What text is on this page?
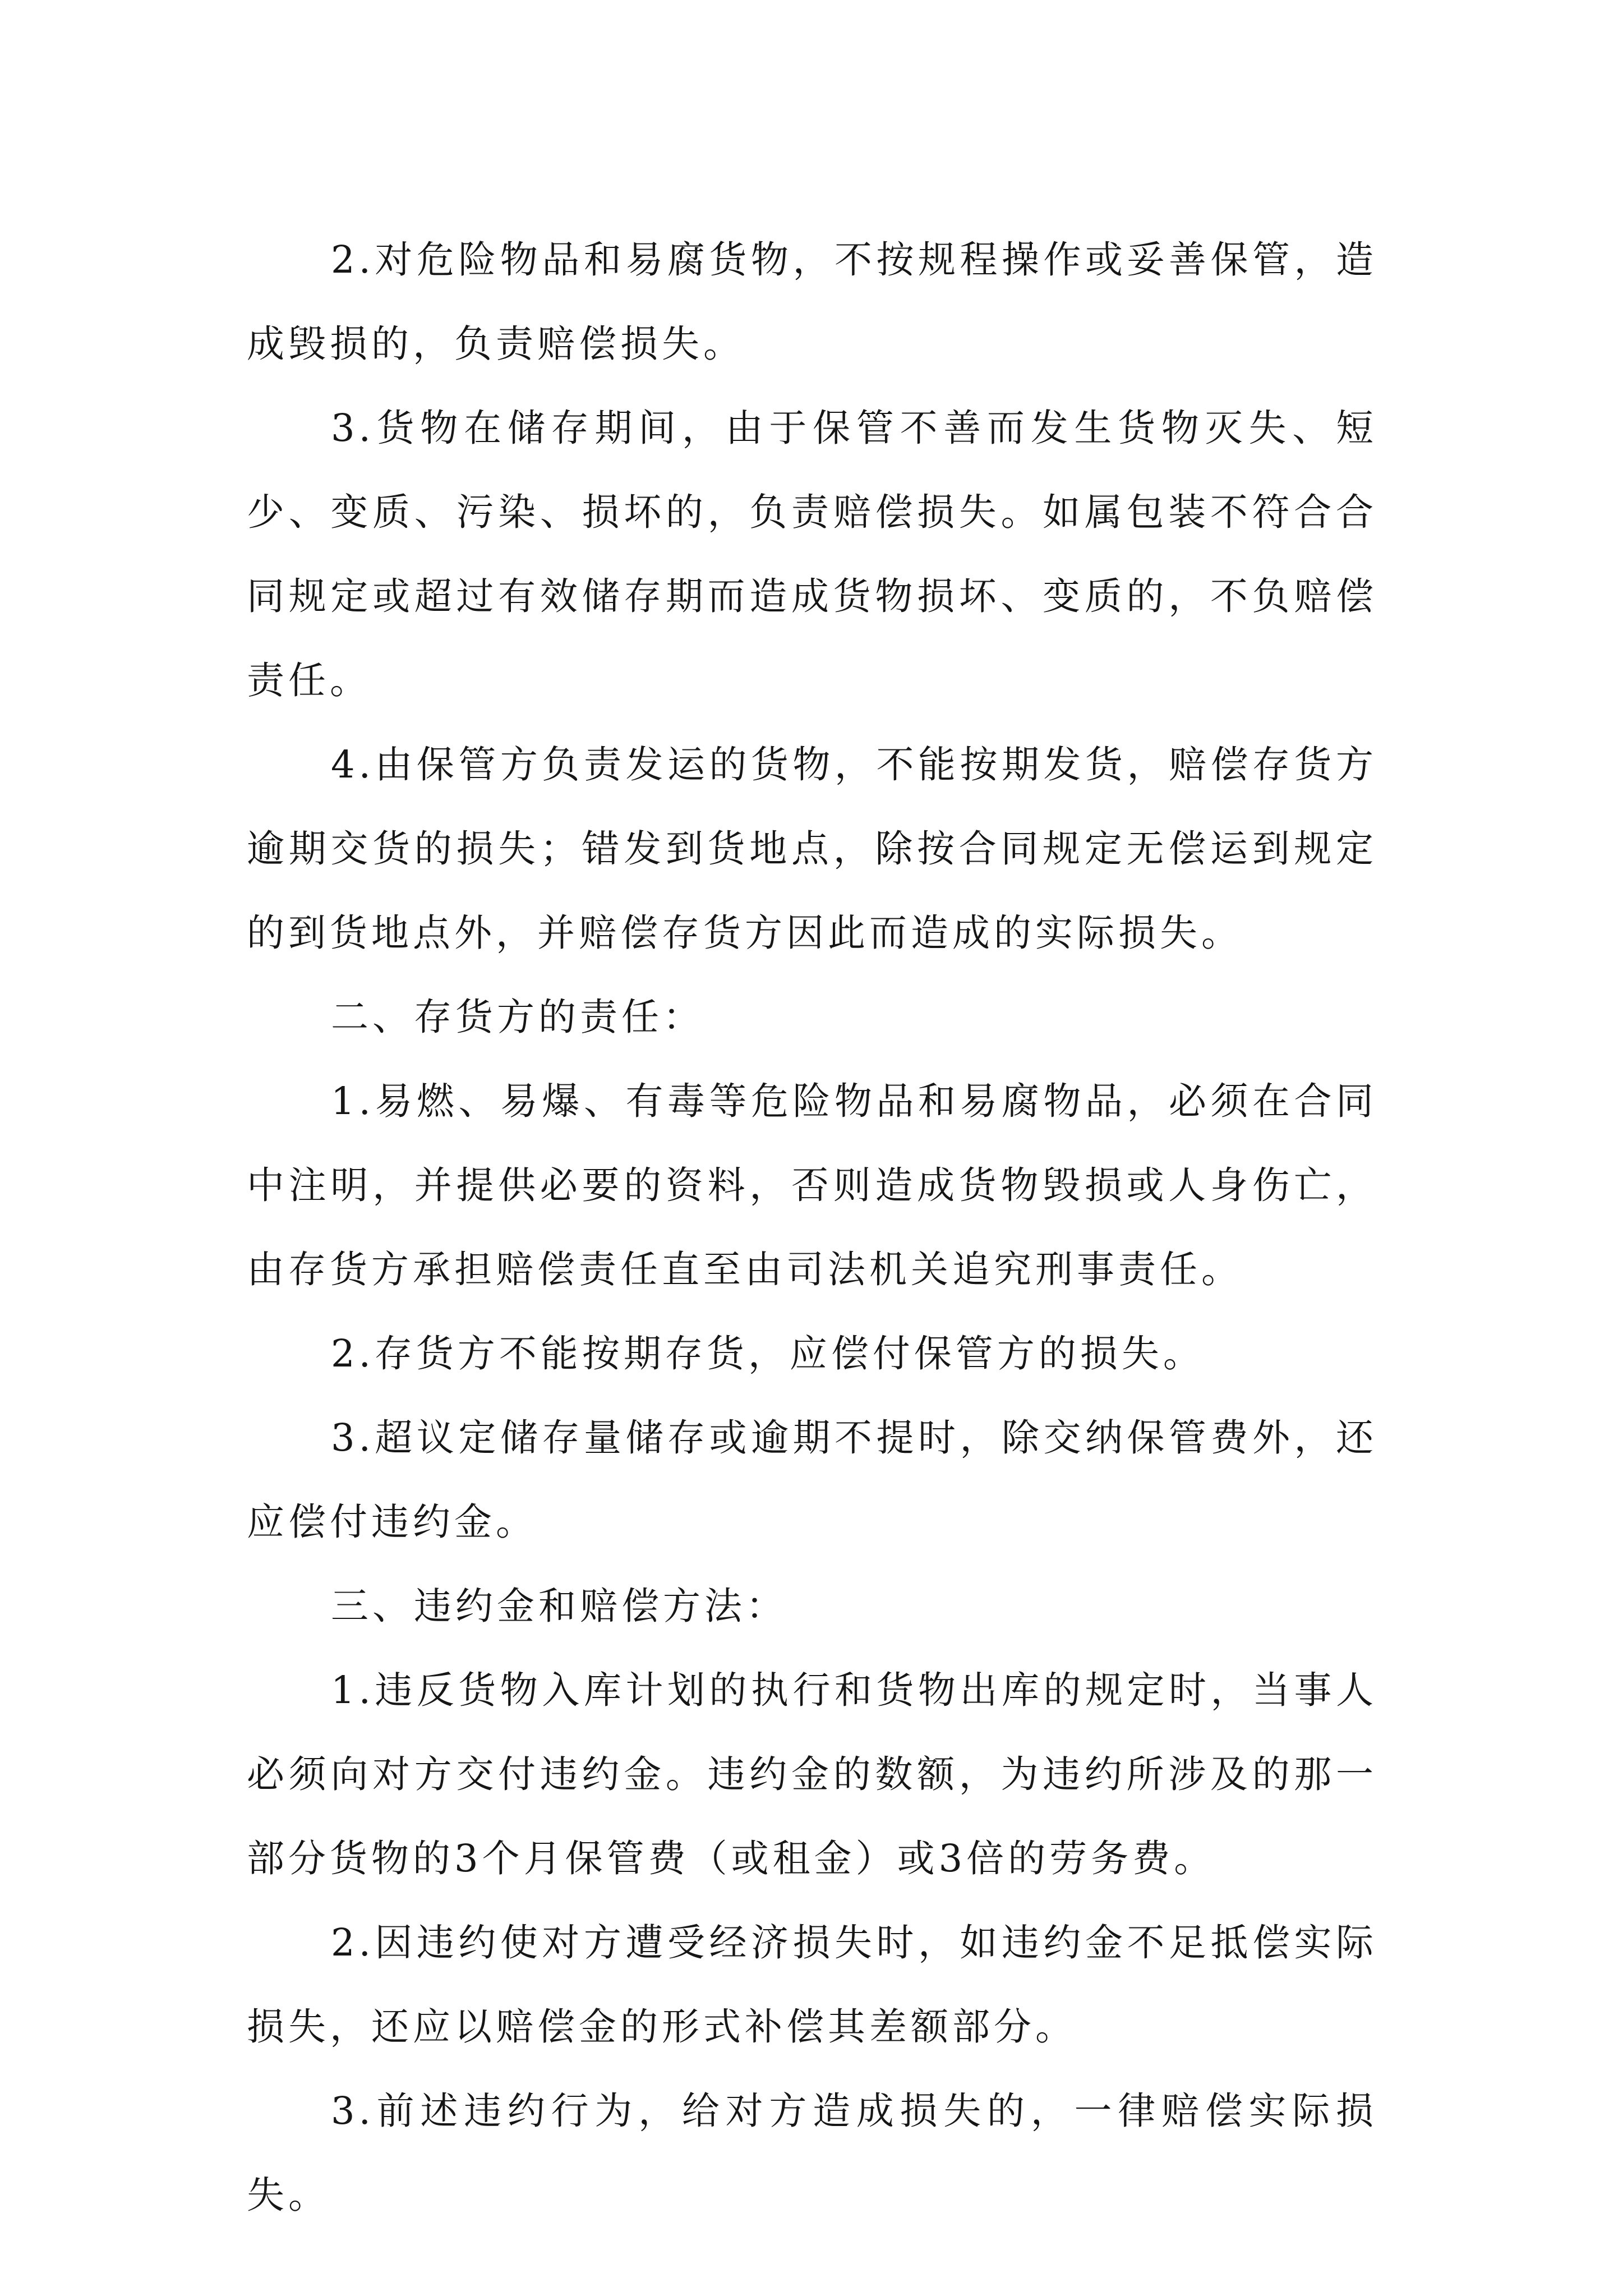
2.对危险物品和易腐货物，不按规程操作或妥善保管，造成毁损的，负责赔偿损失。

3.货物在储存期间，由于保管不善而发生货物灭失、短少、变质、污染、损坏的，负责赔偿损失。如属包装不符合合同规定或超过有效储存期而造成货物损坏、变质的，不负赔偿责任。

4.由保管方负责发运的货物，不能按期发货，赔偿存货方逾期交货的损失；错发到货地点，除按合同规定无偿运到规定的到货地点外，并赔偿存货方因此而造成的实际损失。

二、存货方的责任：

1.易燃、易爆、有毒等危险物品和易腐物品，必须在合同中注明，并提供必要的资料，否则造成货物毁损或人身伤亡，由存货方承担赔偿责任直至由司法机关追究刑事责任。

2.存货方不能按期存货，应偿付保管方的损失。

3.超议定储存量储存或逾期不提时，除交纳保管费外，还应偿付违约金。

三、违约金和赔偿方法：

1.违反货物入库计划的执行和货物出库的规定时，当事人必须向对方交付违约金。违约金的数额，为违约所涉及的那一部分货物的3个月保管费（或租金）或3倍的劳务费。

2.因违约使对方遭受经济损失时，如违约金不足抵偿实际损失，还应以赔偿金的形式补偿其差额部分。

3.前述违约行为，给对方造成损失的，一律赔偿实际损失。
